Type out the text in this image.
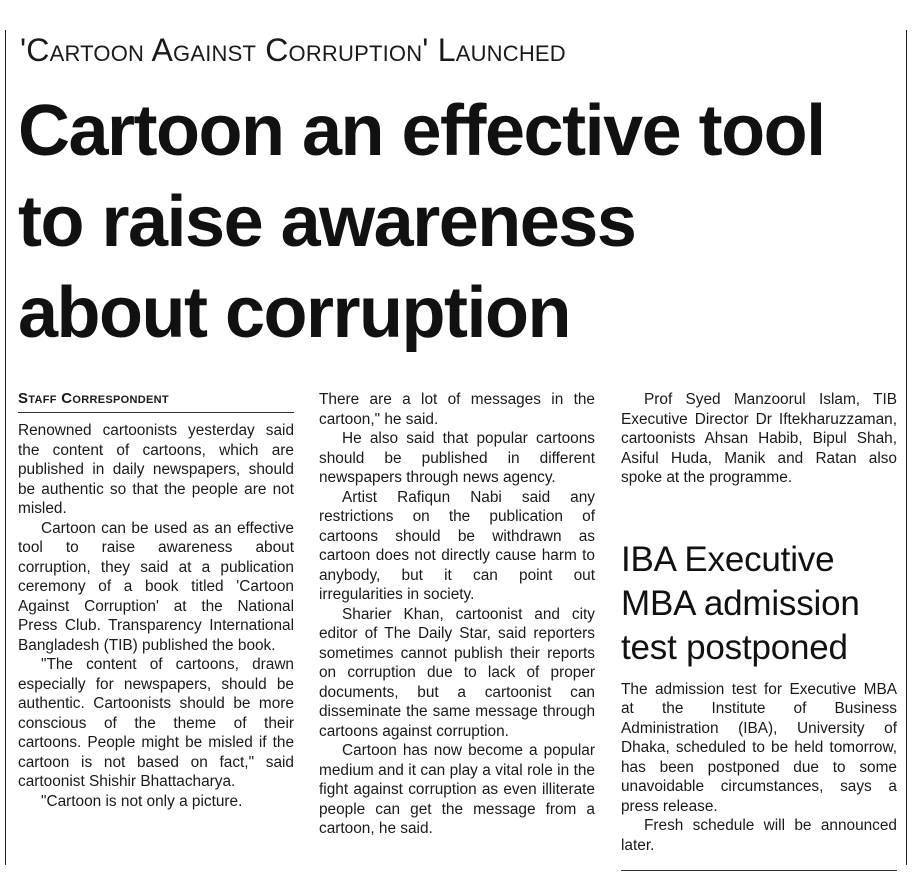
'Cartoon Against Corruption' Launched
Cartoon an effective tool
to raise awareness
about corruption
Staff Correspondent

Renowned cartoonists yesterday said the content of cartoons, which are published in daily newspapers, should be authentic so that the people are not misled.

Cartoon can be used as an effective tool to raise awareness about corruption, they said at a publication ceremony of a book titled 'Cartoon Against Corruption' at the National Press Club. Transparency International Bangladesh (TIB) published the book.

"The content of cartoons, drawn especially for newspapers, should be authentic. Cartoonists should be more conscious of the theme of their cartoons. People might be misled if the cartoon is not based on fact," said cartoonist Shishir Bhattacharya.

"Cartoon is not only a picture.

There are a lot of messages in the cartoon," he said.

He also said that popular cartoons should be published in different newspapers through news agency.

Artist Rafiqun Nabi said any restrictions on the publication of cartoons should be withdrawn as cartoon does not directly cause harm to anybody, but it can point out irregularities in society.

Sharier Khan, cartoonist and city editor of The Daily Star, said reporters sometimes cannot publish their reports on corruption due to lack of proper documents, but a cartoonist can disseminate the same message through cartoons against corruption.

Cartoon has now become a popular medium and it can play a vital role in the fight against corruption as even illiterate people can get the message from a cartoon, he said.

Prof Syed Manzoorul Islam, TIB Executive Director Dr Iftekharuzzaman, cartoonists Ahsan Habib, Bipul Shah, Asiful Huda, Manik and Ratan also spoke at the programme.

IBA Executive
MBA admission
test postponed

The admission test for Executive MBA at the Institute of Business Administration (IBA), University of Dhaka, scheduled to be held tomorrow, has been postponed due to some unavoidable circumstances, says a press release.

Fresh schedule will be announced later.
